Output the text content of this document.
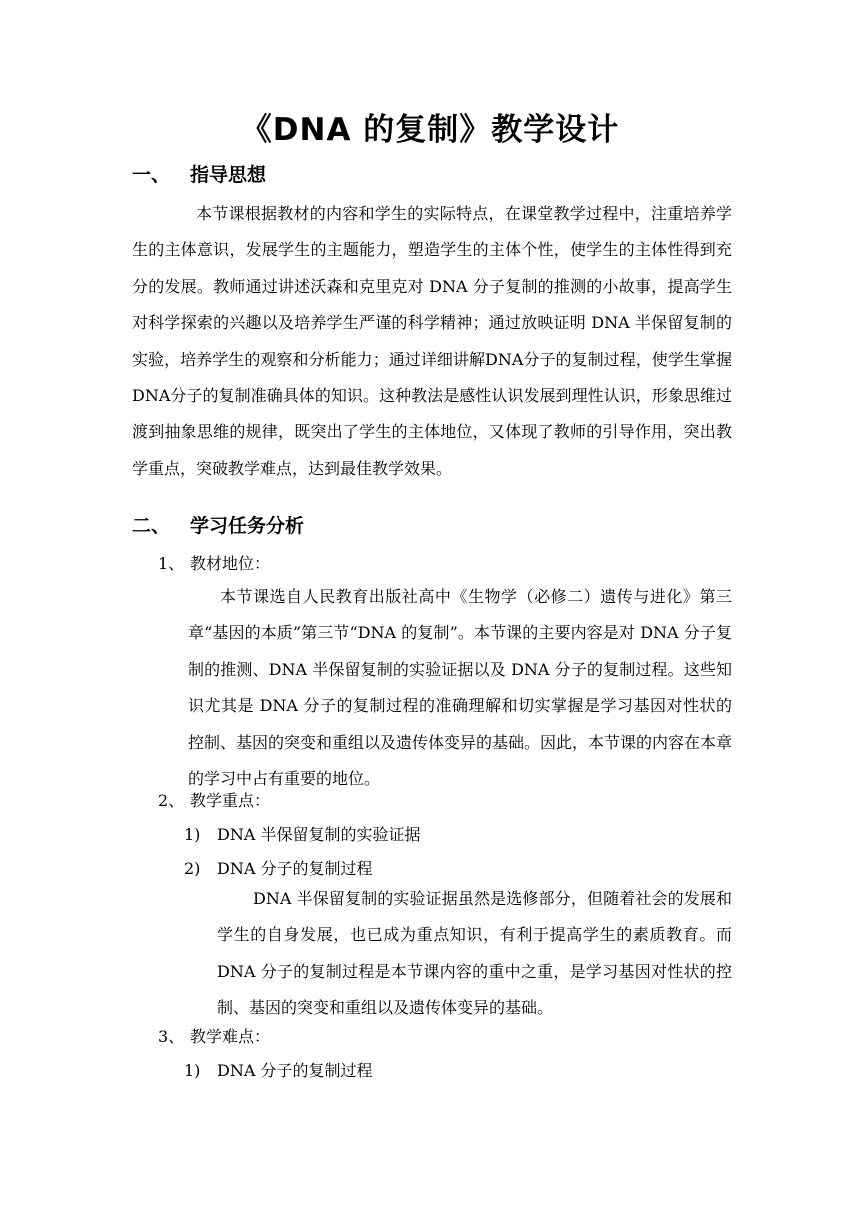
《DNA 的复制》教学设计
一、 指导思想
本节课根据教材的内容和学生的实际特点，在课堂教学过程中，注重培养学生的主体意识，发展学生的主题能力，塑造学生的主体个性，使学生的主体性得到充分的发展。教师通过讲述沃森和克里克对 DNA 分子复制的推测的小故事，提高学生对科学探索的兴趣以及培养学生严谨的科学精神；通过放映证明 DNA 半保留复制的实验，培养学生的观察和分析能力；通过详细讲解DNA分子的复制过程，使学生掌握DNA分子的复制准确具体的知识。这种教法是感性认识发展到理性认识，形象思维过渡到抽象思维的规律，既突出了学生的主体地位，又体现了教师的引导作用，突出教学重点，突破教学难点，达到最佳教学效果。
二、 学习任务分析
1、 教材地位：
本节课选自人民教育出版社高中《生物学（必修二）遗传与进化》第三章“基因的本质”第三节“DNA 的复制”。本节课的主要内容是对 DNA 分子复制的推测、DNA 半保留复制的实验证据以及 DNA 分子的复制过程。这些知识尤其是 DNA 分子的复制过程的准确理解和切实掌握是学习基因对性状的控制、基因的突变和重组以及遗传体变异的基础。因此，本节课的内容在本章的学习中占有重要的地位。
2、 教学重点：
1) DNA 半保留复制的实验证据
2) DNA 分子的复制过程
DNA 半保留复制的实验证据虽然是选修部分，但随着社会的发展和学生的自身发展，也已成为重点知识，有利于提高学生的素质教育。而 DNA 分子的复制过程是本节课内容的重中之重，是学习基因对性状的控制、基因的突变和重组以及遗传体变异的基础。
3、 教学难点：
1) DNA 分子的复制过程
